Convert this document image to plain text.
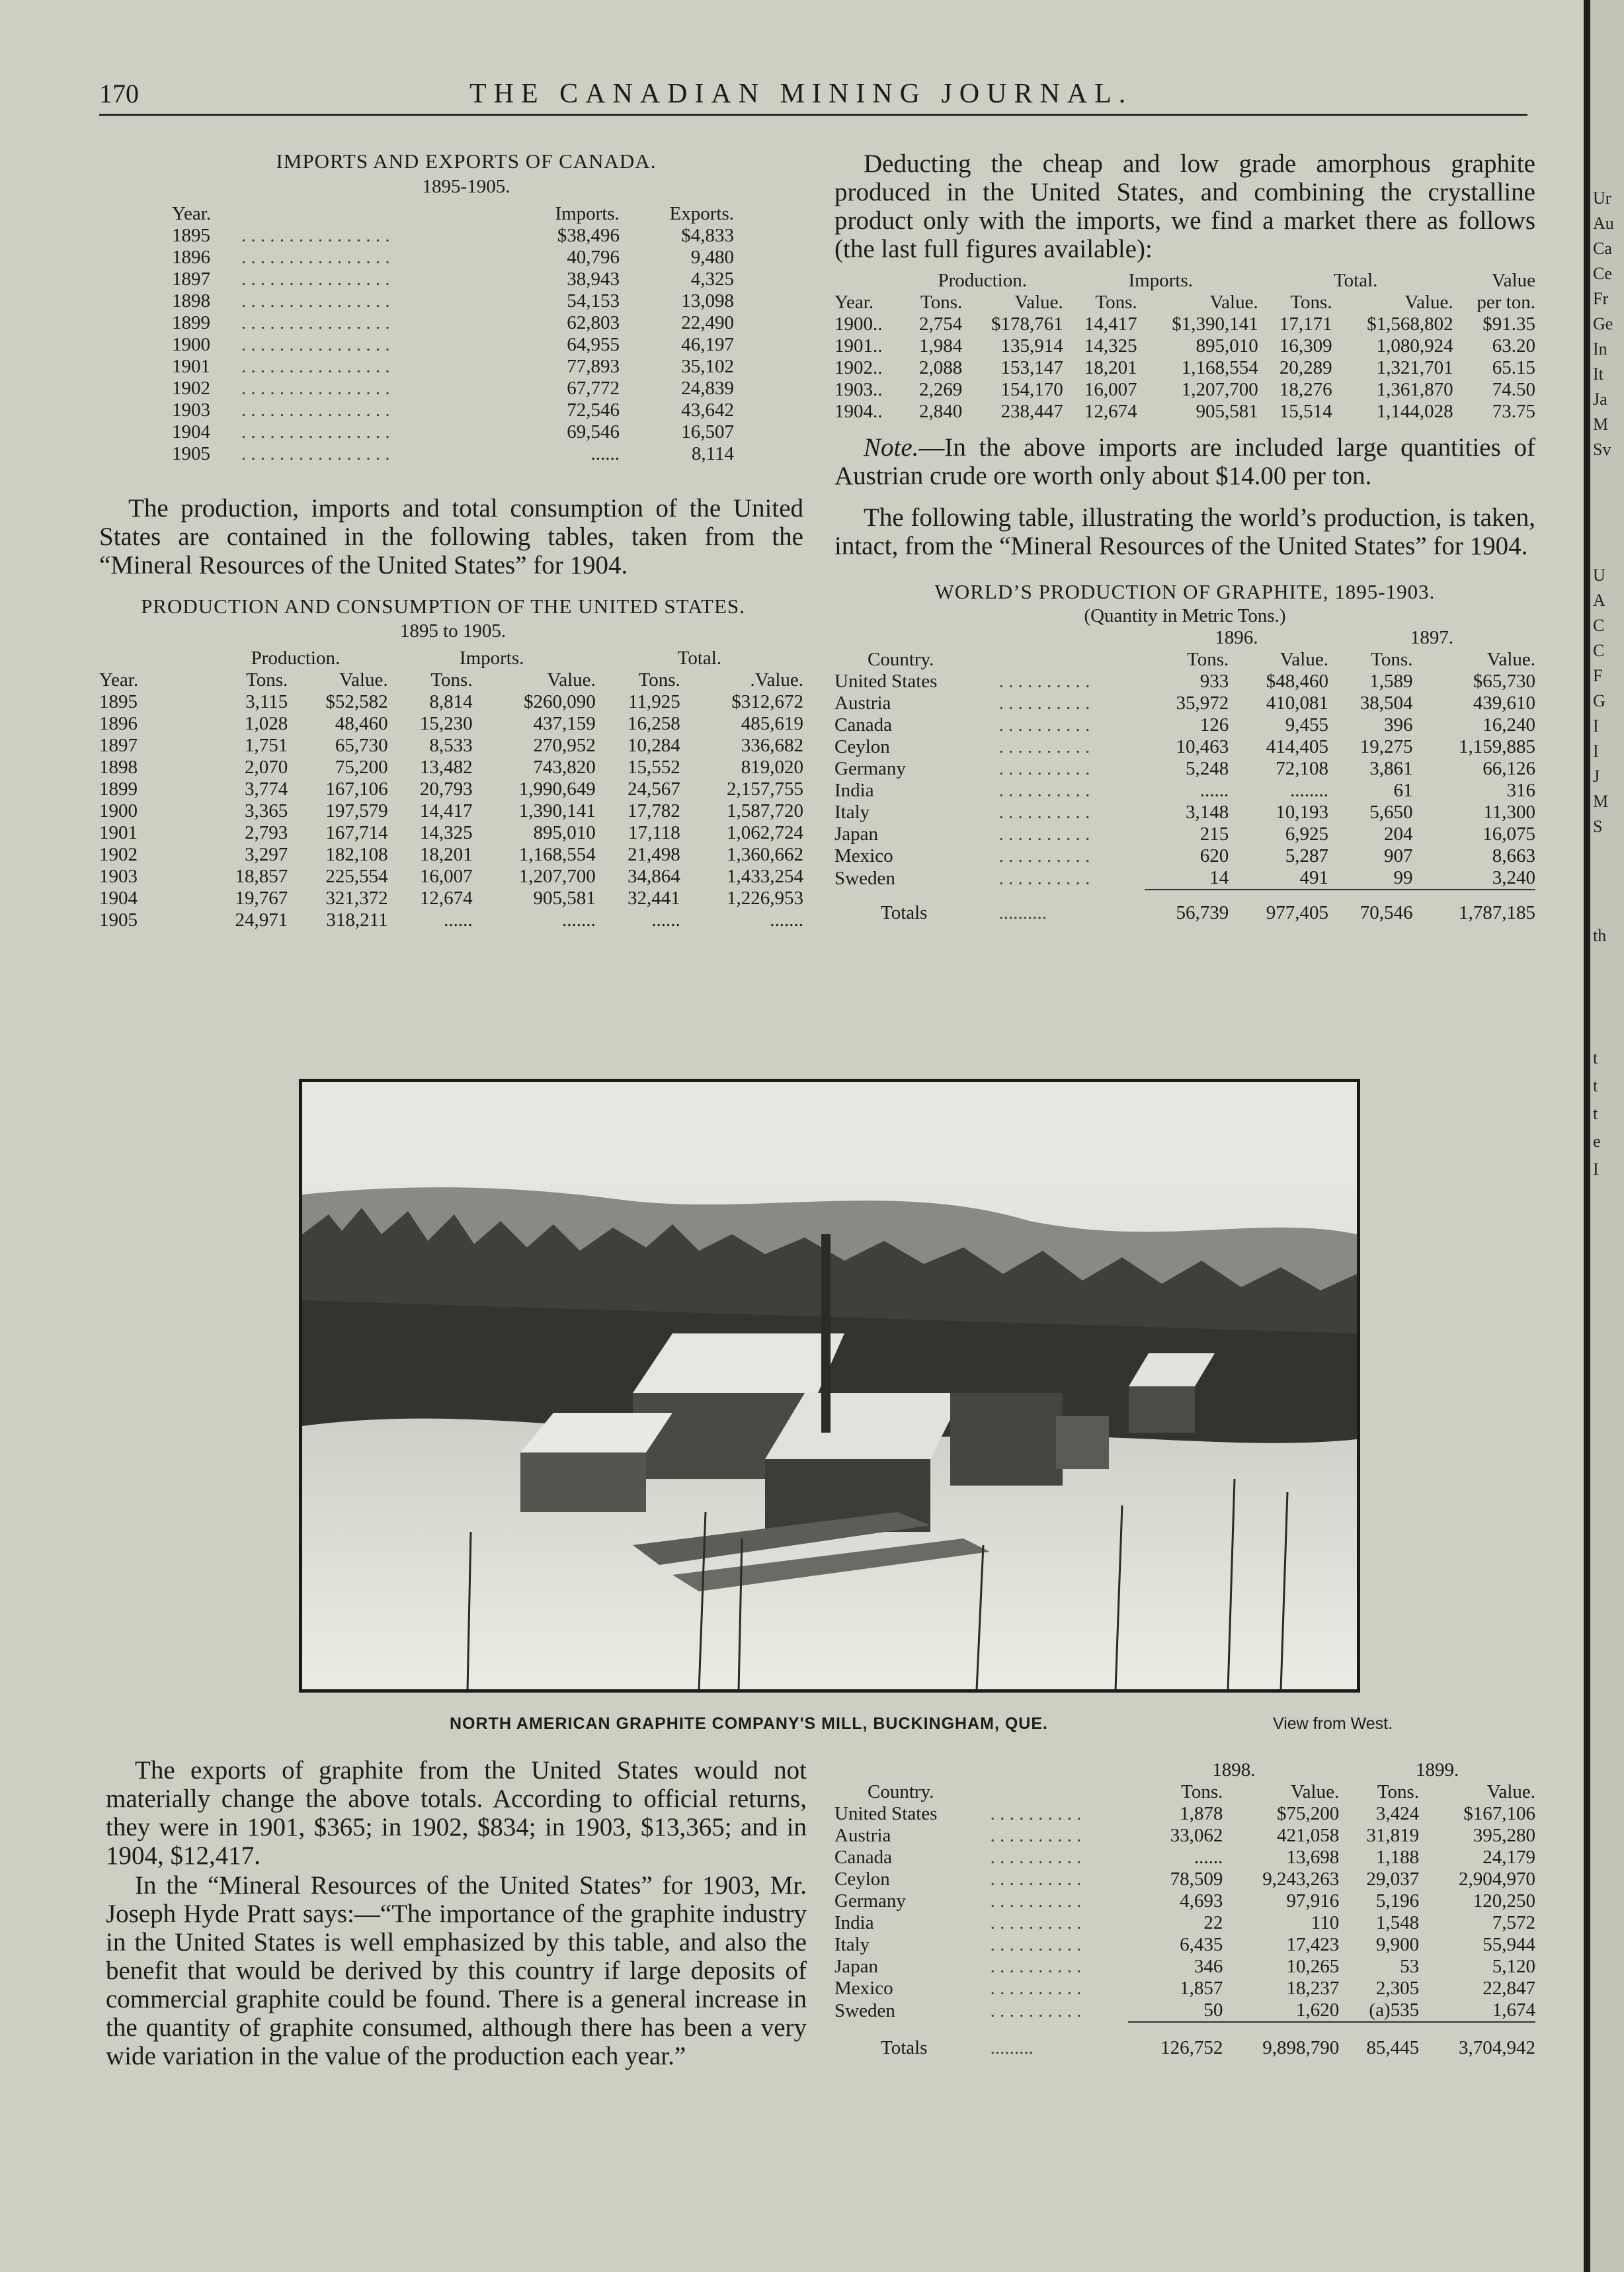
170	THE CANADIAN MINING JOURNAL.
IMPORTS AND EXPORTS OF CANADA.
1895-1905.
Year.		Imports.	Exports.
1895	. . . . . . . . . . . . . . . .	$38,496	$4,833
1896	. . . . . . . . . . . . . . . .	40,796	9,480
1897	. . . . . . . . . . . . . . . .	38,943	4,325
1898	. . . . . . . . . . . . . . . .	54,153	13,098
1899	. . . . . . . . . . . . . . . .	62,803	22,490
1900	. . . . . . . . . . . . . . . .	64,955	46,197
1901	. . . . . . . . . . . . . . . .	77,893	35,102
1902	. . . . . . . . . . . . . . . .	67,772	24,839
1903	. . . . . . . . . . . . . . . .	72,546	43,642
1904	. . . . . . . . . . . . . . . .	69,546	16,507
1905	. . . . . . . . . . . . . . . .	......	8,114

The production, imports and total consumption of the United States are contained in the following tables, taken from the “Mineral Resources of the United States” for 1904.

PRODUCTION AND CONSUMPTION OF THE UNITED STATES.
1895 to 1905.
	Production.		Imports.		Total.	
Year.	Tons.	Value.	Tons.	Value.	Tons.	.Value.
1895	3,115	$52,582	8,814	$260,090	11,925	$312,672
1896	1,028	48,460	15,230	437,159	16,258	485,619
1897	1,751	65,730	8,533	270,952	10,284	336,682
1898	2,070	75,200	13,482	743,820	15,552	819,020
1899	3,774	167,106	20,793	1,990,649	24,567	2,157,755
1900	3,365	197,579	14,417	1,390,141	17,782	1,587,720
1901	2,793	167,714	14,325	895,010	17,118	1,062,724
1902	3,297	182,108	18,201	1,168,554	21,498	1,360,662
1903	18,857	225,554	16,007	1,207,700	34,864	1,433,254
1904	19,767	321,372	12,674	905,581	32,441	1,226,953
1905	24,971	318,211	......	.......	......	.......

Deducting the cheap and low grade amorphous graphite produced in the United States, and combining the crystalline product only with the imports, we find a market there as follows (the last full figures available):

	Production.		Imports.		Total.		Value
Year.	Tons.	Value.	Tons.	Value.	Tons.	Value.	per ton.
1900..	2,754	$178,761	14,417	$1,390,141	17,171	$1,568,802	$91.35
1901..	1,984	135,914	14,325	895,010	16,309	1,080,924	63.20
1902..	2,088	153,147	18,201	1,168,554	20,289	1,321,701	65.15
1903..	2,269	154,170	16,007	1,207,700	18,276	1,361,870	74.50
1904..	2,840	238,447	12,674	905,581	15,514	1,144,028	73.75

Note.—In the above imports are included large quantities of Austrian crude ore worth only about $14.00 per ton.

The following table, illustrating the world’s production, is taken, intact, from the “Mineral Resources of the United States” for 1904.

WORLD’S PRODUCTION OF GRAPHITE, 1895-1903.
(Quantity in Metric Tons.)
		1896.		1897.	
Country.		Tons.	Value.	Tons.	Value.
United States	. . . . . . . . . .	933	$48,460	1,589	$65,730
Austria	. . . . . . . . . .	35,972	410,081	38,504	439,610
Canada	. . . . . . . . . .	126	9,455	396	16,240
Ceylon	. . . . . . . . . .	10,463	414,405	19,275	1,159,885
Germany	. . . . . . . . . .	5,248	72,108	3,861	66,126
India	. . . . . . . . . .	......	........	61	316
Italy	. . . . . . . . . .	3,148	10,193	5,650	11,300
Japan	. . . . . . . . . .	215	6,925	204	16,075
Mexico	. . . . . . . . . .	620	5,287	907	8,663
Sweden	. . . . . . . . . .	14	491	99	3,240

Totals	..........	56,739	977,405	70,546	1,787,185
NORTH AMERICAN GRAPHITE COMPANY'S MILL, BUCKINGHAM, QUE.	View from West.

The exports of graphite from the United States would not materially change the above totals. According to official returns, they were in 1901, $365; in 1902, $834; in 1903, $13,365; and in 1904, $12,417.

In the “Mineral Resources of the United States” for 1903, Mr. Joseph Hyde Pratt says:—“The importance of the graphite industry in the United States is well emphasized by this table, and also the benefit that would be derived by this country if large deposits of commercial graphite could be found. There is a general increase in the quantity of graphite consumed, although there has been a very wide variation in the value of the production each year.”

		1898.		1899.	
Country.		Tons.	Value.	Tons.	Value.
United States	. . . . . . . . . .	1,878	$75,200	3,424	$167,106
Austria	. . . . . . . . . .	33,062	421,058	31,819	395,280
Canada	. . . . . . . . . .	......	13,698	1,188	24,179
Ceylon	. . . . . . . . . .	78,509	9,243,263	29,037	2,904,970
Germany	. . . . . . . . . .	4,693	97,916	5,196	120,250
India	. . . . . . . . . .	22	110	1,548	7,572
Italy	. . . . . . . . . .	6,435	17,423	9,900	55,944
Japan	. . . . . . . . . .	346	10,265	53	5,120
Mexico	. . . . . . . . . .	1,857	18,237	2,305	22,847
Sweden	. . . . . . . . . .	50	1,620	(a)535	1,674

Totals	.........	126,752	9,898,790	85,445	3,704,942
Ur
Au
Ca
Ce
Fr
Ge
In
It
Ja
M
Sv
U
A
C
C
F
G
I
I
J
M
S
th
t
t
t
e
I
